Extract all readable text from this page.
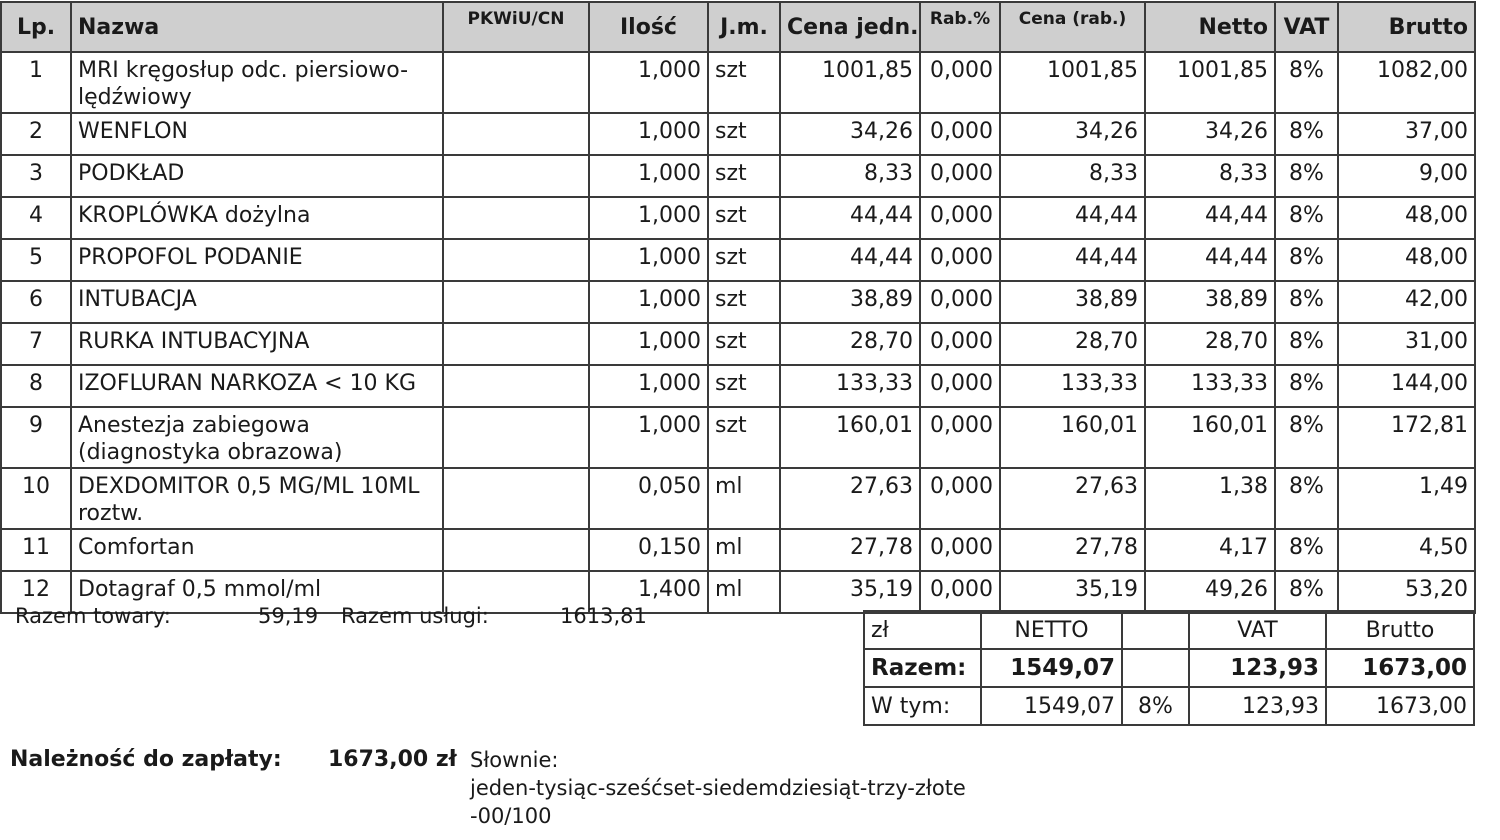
Lp.	Nazwa	PKWiU/CN	Ilość	J.m.	Cena jedn.	Rab.%	Cena (rab.)	Netto	VAT	Brutto
1	MRI kręgosłup odc. piersiowo-lędźwiowy		1,000	szt	1001,85	0,000	1001,85	1001,85	8%	1082,00
2	WENFLON		1,000	szt	34,26	0,000	34,26	34,26	8%	37,00
3	PODKŁAD		1,000	szt	8,33	0,000	8,33	8,33	8%	9,00
4	KROPLÓWKA dożylna		1,000	szt	44,44	0,000	44,44	44,44	8%	48,00
5	PROPOFOL PODANIE		1,000	szt	44,44	0,000	44,44	44,44	8%	48,00
6	INTUBACJA		1,000	szt	38,89	0,000	38,89	38,89	8%	42,00
7	RURKA INTUBACYJNA		1,000	szt	28,70	0,000	28,70	28,70	8%	31,00
8	IZOFLURAN NARKOZA < 10 KG		1,000	szt	133,33	0,000	133,33	133,33	8%	144,00
9	Anestezja zabiegowa (diagnostyka obrazowa)		1,000	szt	160,01	0,000	160,01	160,01	8%	172,81
10	DEXDOMITOR 0,5 MG/ML 10ML roztw.		0,050	ml	27,63	0,000	27,63	1,38	8%	1,49
11	Comfortan		0,150	ml	27,78	0,000	27,78	4,17	8%	4,50
12	Dotagraf 0,5 mmol/ml		1,400	ml	35,19	0,000	35,19	49,26	8%	53,20
Razem towary:	59,19 Razem usługi:	1613,81
zł	NETTO		VAT	Brutto
Razem:	1549,07		123,93	1673,00
W tym:	1549,07	8%	123,93	1673,00
Należność do zapłaty: 1673,00 zł Słownie:
jeden-tysiąc-sześćset-siedemdziesiąt-trzy-złote
-00/100
